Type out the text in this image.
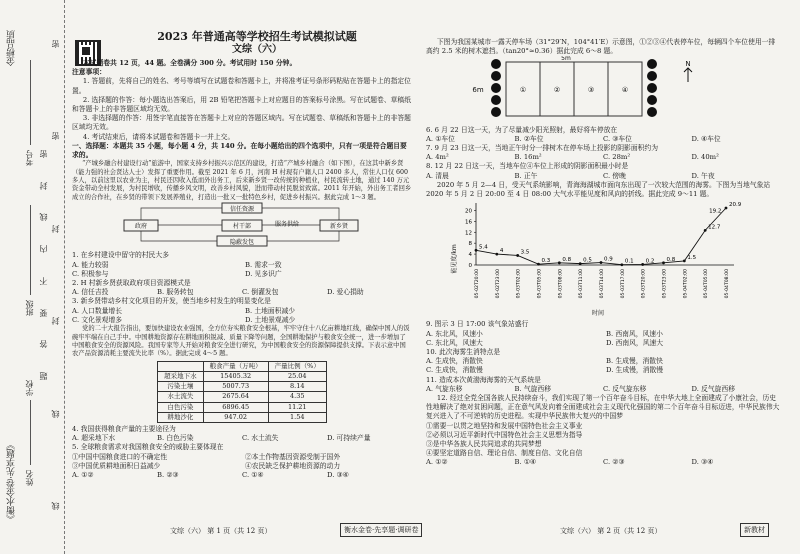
金榜品质
《衡水金卷·先享题》
考号
班级
学校
姓名
线
线
封
封
密
密
题
答
要
不
内
线
封
密
2023 年普通高等学校招生考试模拟试题
文综（六）

本试题卷共 12 页，44 题。全卷满分 300 分。考试用时 150 分钟。

注意事项：

1. 答题前，先将自己的姓名、考号等填写在试题卷和答题卡上，并将准考证号条形码粘贴在答题卡上的指定位置。

2. 选择题的作答：每小题选出答案后，用 2B 铅笔把答题卡上对应题目的答案标号涂黑。写在试题卷、草稿纸和答题卡上的非答题区域均无效。

3. 非选择题的作答：用签字笔直接答在答题卡上对应的答题区域内。写在试题卷、草稿纸和答题卡上的非答题区域均无效。

4. 考试结束后，请将本试题卷和答题卡一并上交。

一、选择题：本题共 35 小题，每小题 4 分，共 140 分。在每小题给出的四个选项中，只有一项是符合题目要求的。

“产城乡融合村建设行动”旅游中，国家支持乡村振兴示范区的建设，打造“产城乡村融合（如下图），在这其中新乡贤（能力强的社会贤达人士）发挥了重要作用。截至 2021 年 6 月，河南 H 村现有户籍人口 2400 多人，常住人口仅 600 多人，以前这里以农业为主，村民还因收入低而外出务工，后来新乡贤一改传统的种植业，村民流转土地，通过 140 万元资金带动全村发展，为村民增收，传播乡风文明，改善乡村风貌，进而带动村民脱贫致富。2011 年开始，外出务工者回乡成立的合作社，在乡贤的带领下发展养殖业，打造出一批又一批特色乡村，促进乡村振兴。据此完成 1～3 题。

信任资源
政府	村干部	服务供给	新乡贤
隐蔽发包

1. 在乡村建设中留守的村民大多

A. 能力较弱	B. 需求一致
C. 积极参与	D. 见多识广

2. H 村新乡贤获取政府项目资源模式是

A. 信任吉投	B. 服务转包	C. 倒灌发包	D. 爱心捐助

3. 新乡贤带动乡村文化项目的开发，使当地乡村发生的明显变化是

A. 人口数量增长	B. 土地面积减少
C. 文化景观增多	D. 土地景观减少

党的二十大报告指出，要加快建设农业强国，全方位夯实粮食安全根基，牢牢守住十八亿亩耕地红线，确保中国人的饭碗牢牢端在自己手中。中国耕地资源存在耕地面积锐减、质量下降等问题，全国耕地保护与粮食安全统一，进一步增加了中国粮食安全的资源风险。我国专家等人开始对粮食安全进行研究，为中国粮食安全的资源保障提供支撑。下表示意中国农产品资源消耗主要流失比率（%）。据此完成 4～5 题。

	粮食产量（万吨）	产量比例（%）
超采地下水	15405.32	25.04
污染土壤	5007.73	8.14
水土流失	2675.64	4.35
白色污染	6896.45	11.21
耕地沙化	947.02	1.54

4. 我国获得粮食产量的主要途径为

A. 超采地下水	B. 白色污染	C. 水土流失	D. 可持续产量

5. 全球粮食需求对我国粮食安全的威胁主要体现在

①中国中国粮食进口的不确定性	②本土作物基因资源受制于国外
③中国优质耕地面积日益减少	④农民缺乏保护耕地资源的动力
A. ①②	B. ②③	C. ①④	D. ③④

下图为我国某城市一露天停车场（31°29′N，104°41′E）示意图，①②③④代表停车位，每辆四个车位使用一排高约 2.5 米的树木遮挡。（tan20°≈0.36）据此完成 6～8 题。

①	②	③	④
6m
5m
N

6. 6 月 22 日这一天，为了尽量减少阳光照射，最好将车停放在

A. ①车位	B. ②车位	C. ③车位	D. ④车位

7. 9 月 23 日这一天，当地正午时分一排树木在停车场上投影的阴影面积约为

A. 4m²	B. 16m²	C. 28m²	D. 40m²

8. 12 月 22 日这一天，当地车位④车位上形成的阴影面积最小时是

A. 清晨	B. 正午	C. 傍晚	D. 午夜

2020 年 5 月 2—4 日，受天气系统影响，青海海湖城市面向东出现了一次较大范围的海雾。下图为当地气象站 2020 年 5 月 2 日 20:00 至 4 日 08:00 大气水平能见度和风向的折线。据此完成 9～11 题。

能见度/km
时间
0
4
8
12
16
20
05-02T20:00	05-02T23:00	05-03T02:00	05-03T05:00	05-03T08:00	05-03T11:00	05-03T14:00	05-03T17:00	05-03T20:00	05-03T23:00	05-04T02:00	05-04T05:00	05-04T08:00
5.4
4	3.5
0.3 0.8 0.5 0.9 0.1 0.2 0.8 1.5
12.7
20.9
19.2

9. 图示 3 日 17:00 该气象站盛行

A. 东北风，风速小	B. 西南风，风速小
C. 东北风，风速大	D. 西南风，风速大

10. 此次海雾生消特点是

A. 生成快，消散快	B. 生成慢，消散快
C. 生成快，消散慢	D. 生成慢，消散慢

11. 造成本次黄渤海海雾的天气系统是

A. 气旋东移	B. 气旋西移	C. 反气旋东移	D. 反气旋西移

12. 经过全党全国各族人民持续奋斗，我们实现了第一个百年奋斗目标，在中华大地上全面建成了小康社会，历史性地解决了绝对贫困问题，正在意气风发向着全面建成社会主义现代化强国的第二个百年奋斗目标迈进，中华民族伟大复兴进入了不可逆转的历史进程。实现中华民族伟大复兴的中国梦

①需要一以贯之地坚持和发展中国特色社会主义事业

②必须以习近平新时代中国特色社会主义思想为指导

③是中华各族人民共同追求的共同梦想

④要坚定道路自信、理论自信、制度自信、文化自信

A. ①②	B. ①④	C. ②③	D. ③④
文综（六） 第 1 页（共 12 页）	衡水金卷·先享题·调研卷	文综（六） 第 2 页（共 12 页）	新教材
